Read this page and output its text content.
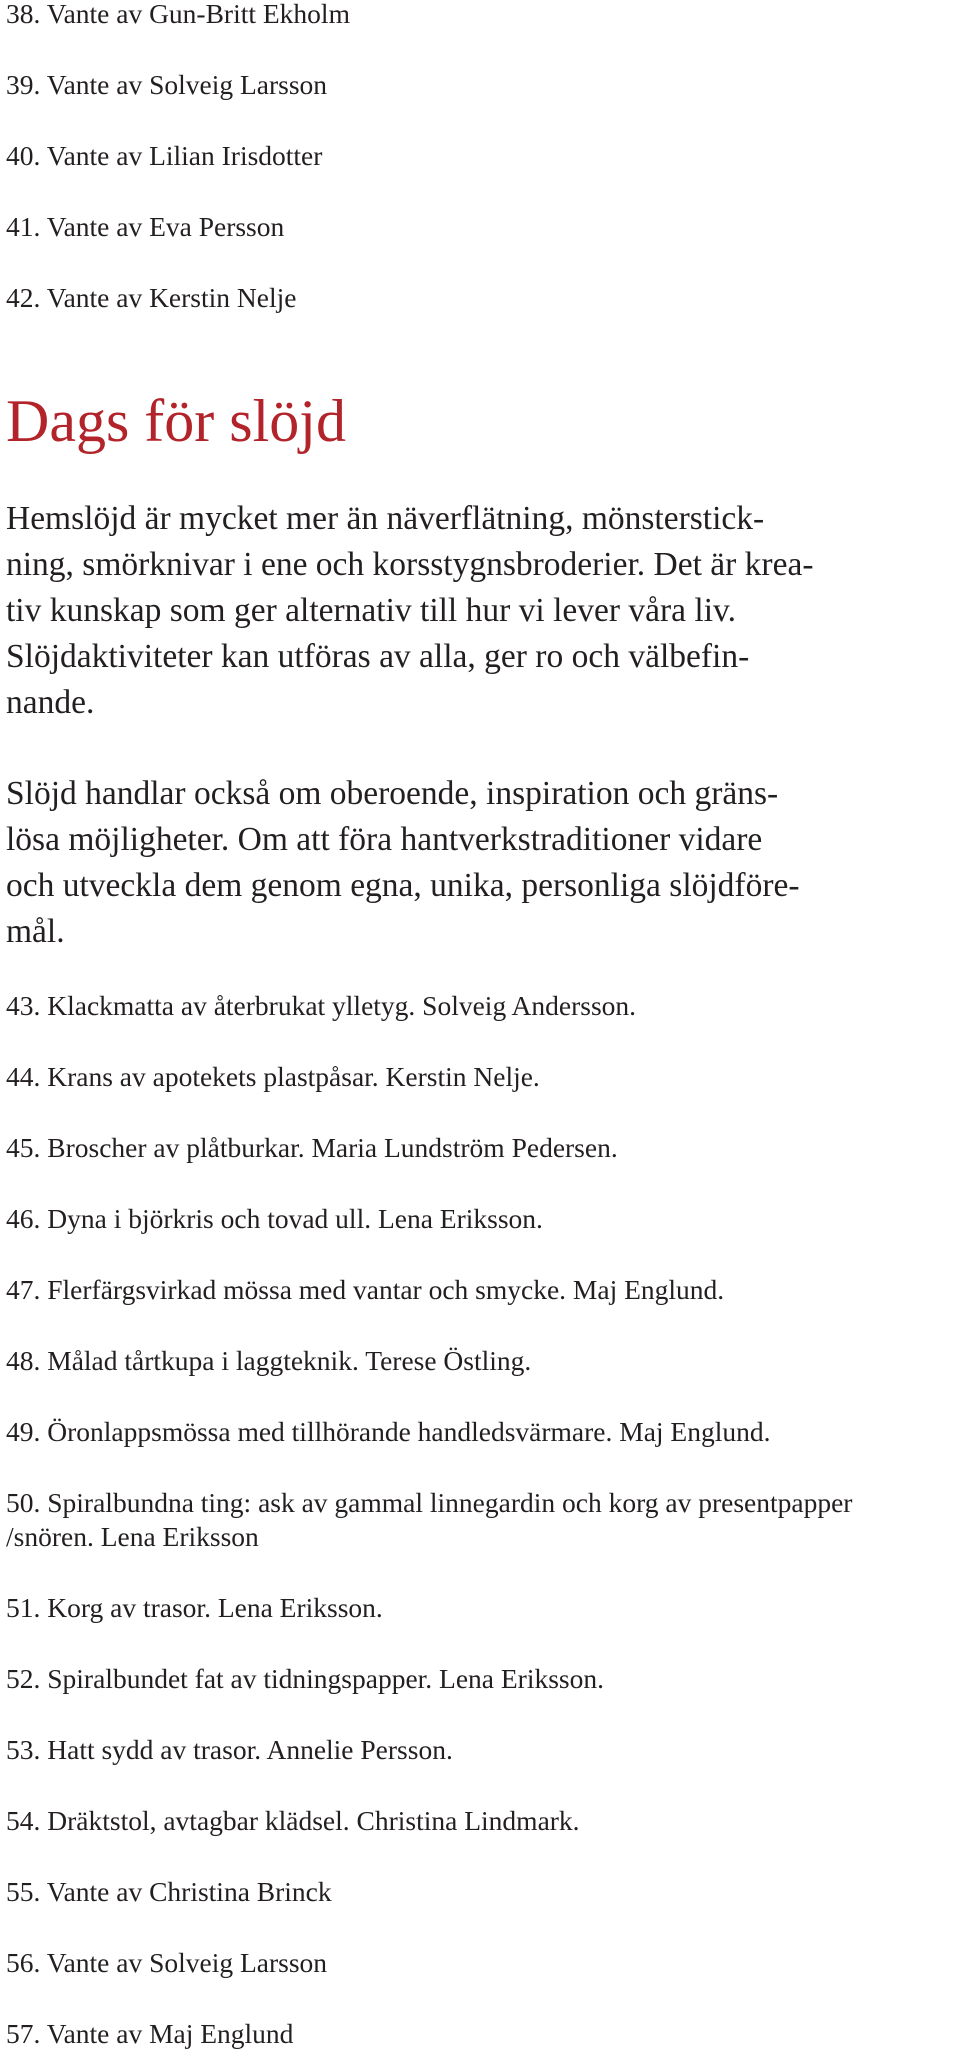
38. Vante av Gun-Britt Ekholm
39. Vante av Solveig Larsson
40. Vante av Lilian Irisdotter
41. Vante av Eva Persson
42. Vante av Kerstin Nelje
Dags för slöjd
Hemslöjd är mycket mer än näverflätning, mönsterstick-
ning, smörknivar i ene och korsstygnsbroderier. Det är krea-
tiv kunskap som ger alternativ till hur vi lever våra liv.
Slöjdaktiviteter kan utföras av alla, ger ro och välbefin-
nande.
Slöjd handlar också om oberoende, inspiration och gräns-
lösa möjligheter. Om att föra hantverkstraditioner vidare
och utveckla dem genom egna, unika, personliga slöjdföre-
mål.
43. Klackmatta av återbrukat ylletyg. Solveig Andersson.
44. Krans av apotekets plastpåsar. Kerstin Nelje.
45. Broscher av plåtburkar. Maria Lundström Pedersen.
46. Dyna i björkris och tovad ull. Lena Eriksson.
47. Flerfärgsvirkad mössa med vantar och smycke. Maj Englund.
48. Målad tårtkupa i laggteknik. Terese Östling.
49. Öronlappsmössa med tillhörande handledsvärmare. Maj Englund.
50. Spiralbundna ting: ask av gammal linnegardin och korg av presentpapper
/snören. Lena Eriksson
51. Korg av trasor. Lena Eriksson.
52. Spiralbundet fat av tidningspapper. Lena Eriksson.
53. Hatt sydd av trasor. Annelie Persson.
54. Dräktstol, avtagbar klädsel. Christina Lindmark.
55. Vante av Christina Brinck
56. Vante av Solveig Larsson
57. Vante av Maj Englund
